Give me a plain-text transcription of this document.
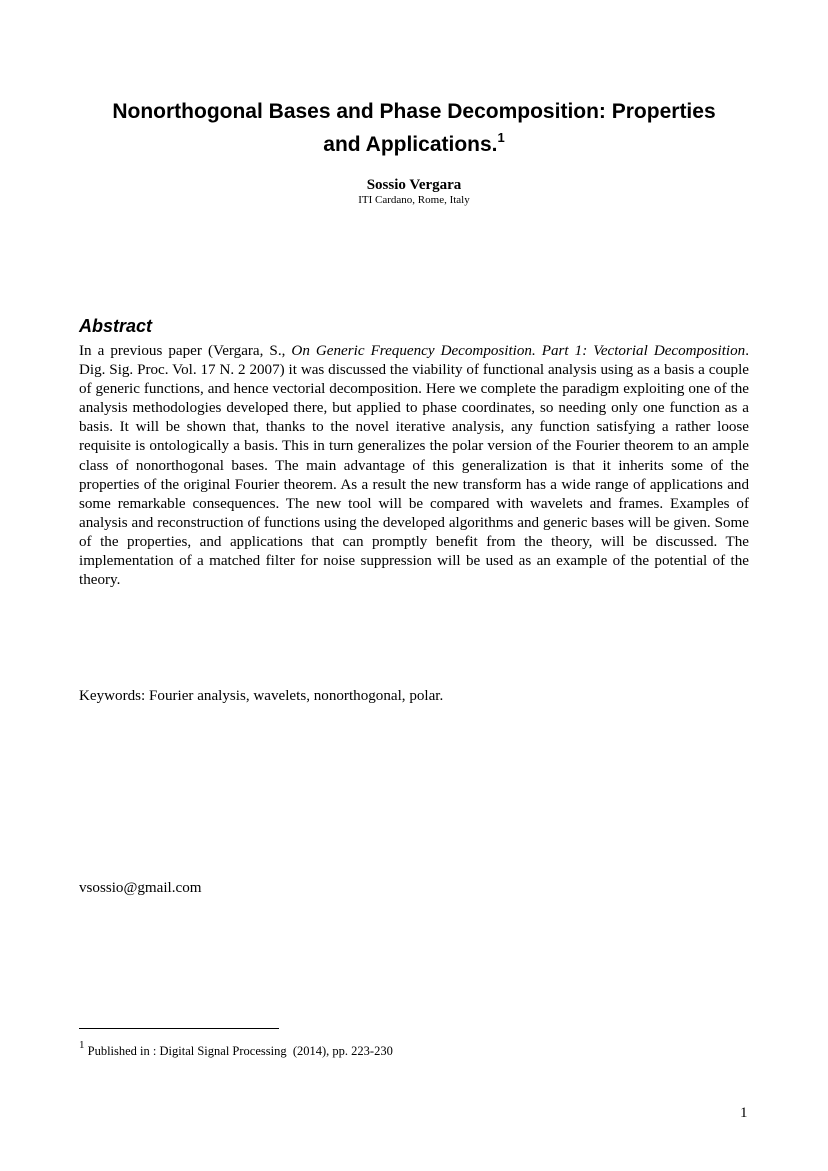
Nonorthogonal Bases and Phase Decomposition: Properties
and Applications.$^1$
Sossio Vergara
ITI Cardano, Rome, Italy
Abstract

In a previous paper (Vergara, S., On Generic Frequency Decomposition. Part 1: Vectorial Decomposition. Dig. Sig. Proc. Vol. 17 N. 2 2007) it was discussed the viability of functional analysis using as a basis a couple of generic functions, and hence vectorial decomposition. Here we complete the paradigm exploiting one of the analysis methodologies developed there, but applied to phase coordinates, so needing only one function as a basis. It will be shown that, thanks to the novel iterative analysis, any function satisfying a rather loose requisite is ontologically a basis. This in turn generalizes the polar version of the Fourier theorem to an ample class of nonorthogonal bases. The main advantage of this generalization is that it inherits some of the properties of the original Fourier theorem. As a result the new transform has a wide range of applications and some remarkable consequences. The new tool will be compared with wavelets and frames. Examples of analysis and reconstruction of functions using the developed algorithms and generic bases will be given. Some of the properties, and applications that can promptly benefit from the theory, will be discussed. The implementation of a matched filter for noise suppression will be used as an example of the potential of the theory.

Keywords: Fourier analysis, wavelets, nonorthogonal, polar.
vsossio@gmail.com
$^1$ Published in : Digital Signal Processing  (2014), pp. 223-230
1
